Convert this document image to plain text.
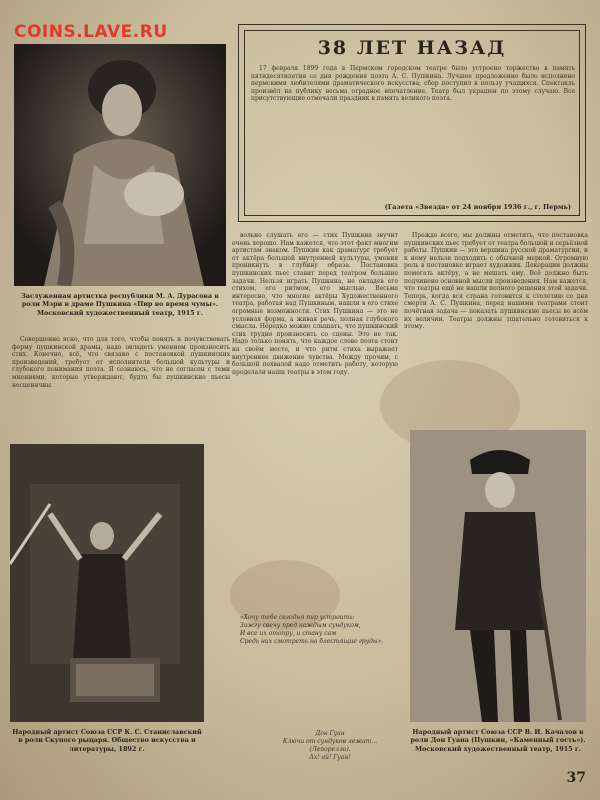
COINS.LAVE.RU
Заслуженная артистка республики М. А. Дурасова в роли Мэри в драме Пушкина «Пир во время чумы». Московский художественный театр, 1915 г.

Совершенно ясно, что для того, чтобы понять и почувствовать форму пушкинской драмы, надо овладеть умением произносить стих. Конечно, всё, что связано с постановкой пушкинских произведений, требует от исполнителя большой культуры и глубокого понимания поэта. Я сознаюсь, что не согласен с теми мнениями, которые утверждают, будто бы пушкинские пьесы несценичны.

Народный артист Союза ССР К. С. Станиславский в роли Скупого рыцаря. Общество искусства и литературы, 1892 г.
38 ЛЕТ НАЗАД

17 февраля 1899 года в Пермском городском театре было устроено торжество в память пятидесятилетия со дня рождения поэта А. С. Пушкина. Лучшее предложение было исполнено пермскими любителями драматического искусства; сбор поступил в пользу учащихся. Спектакль произвёл на публику весьма отрадное впечатление. Театр был украшен по этому случаю. Все присутствующие отмечали праздник в память великого поэта.

(Газета «Звезда» от 24 ноября 1936 г., г. Пермь)

вольно слушать его — стих Пушкина звучит очень хорошо. Нам кажется, что этот факт многим артистам знаком. Пушкин как драматург требует от актёра большой внутренней культуры, умения проникнуть в глубину образа. Постановка пушкинских пьес ставит перед театром большие задачи. Нельзя играть Пушкина, не овладев его стихом, его ритмом, его мыслью. Весьма интересно, что многие актёры Художественного театра, работая над Пушкиным, нашли в его стихе огромные возможности. Стих Пушкина — это не условная форма, а живая речь, полная глубокого смысла. Нередко можно слышать, что пушкинский стих трудно произносить со сцены. Это не так. Надо только понять, что каждое слово поэта стоит на своём месте, и что ритм стиха выражает внутреннее движение чувства. Между прочим, с большой похвалой надо отметить работу, которую проделали наши театры в этом году.

«Хочу тебе сегодня пир устроить:
Зажгу свечу пред каждым сундуком,
И все их отопру, и стану сам
Средь них смотреть на блестящие груды».
Дон Гуан
Ключи от сундуков лежат...
(Лепорелло).
Ах! ай! Гуан!

Прежде всего, мы должны отметить, что постановка пушкинских пьес требует от театра большой и серьёзной работы. Пушкин — это вершина русской драматургии, и к нему нельзя подходить с обычной меркой. Огромную роль в постановке играет художник. Декорации должны помогать актёру, а не мешать ему. Всё должно быть подчинено основной мысли произведения. Нам кажется, что театры ещё не нашли полного решения этой задачи. Теперь, когда вся страна готовится к столетию со дня смерти А. С. Пушкина, перед нашими театрами стоит почётная задача — показать пушкинские пьесы во всём их величии. Театры должны тщательно готовиться к этому.

Народный артист Союза ССР В. И. Качалов в роли Дон Гуана (Пушкин, «Каменный гость»). Московский художественный театр, 1915 г.
37
